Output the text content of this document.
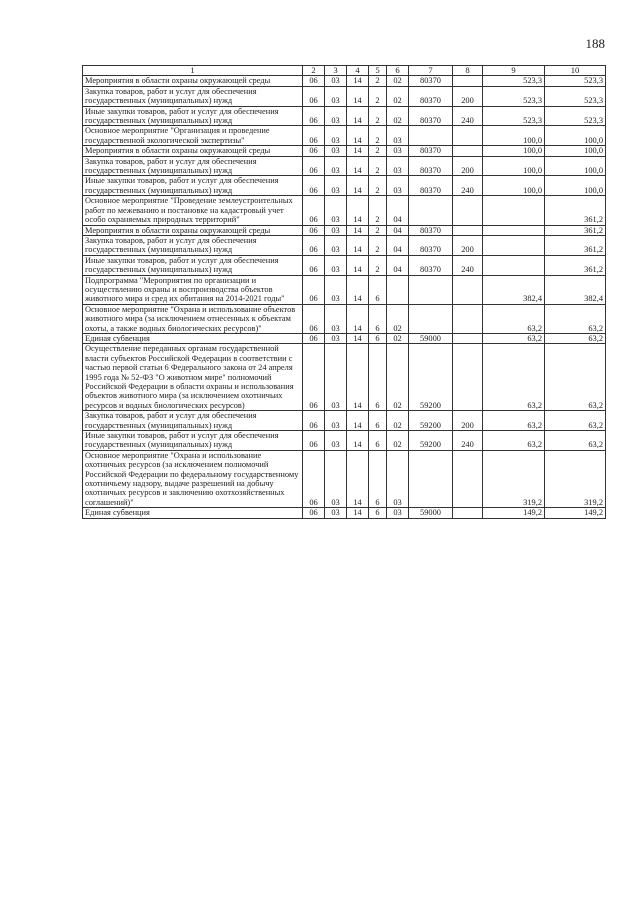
188
1	2	3	4	5	6	7	8	9	10
Мероприятия в области охраны окружающей среды	06	03	14	2	02	80370		523,3	523,3
Закупка товаров, работ и услуг для обеспечения государственных (муниципальных) нужд	06	03	14	2	02	80370	200	523,3	523,3
Иные закупки товаров, работ и услуг для обеспечения государственных (муниципальных) нужд	06	03	14	2	02	80370	240	523,3	523,3
Основное мероприятие "Организация и проведение государственной экологической экспертизы"	06	03	14	2	03			100,0	100,0
Мероприятия в области охраны окружающей среды	06	03	14	2	03	80370		100,0	100,0
Закупка товаров, работ и услуг для обеспечения государственных (муниципальных) нужд	06	03	14	2	03	80370	200	100,0	100,0
Иные закупки товаров, работ и услуг для обеспечения государственных (муниципальных) нужд	06	03	14	2	03	80370	240	100,0	100,0
Основное мероприятие "Проведение землеустроительных работ по межеванию и постановке на кадастровый учет особо охраняемых природных территорий"	06	03	14	2	04				361,2
Мероприятия в области охраны окружающей среды	06	03	14	2	04	80370			361,2
Закупка товаров, работ и услуг для обеспечения государственных (муниципальных) нужд	06	03	14	2	04	80370	200		361,2
Иные закупки товаров, работ и услуг для обеспечения государственных (муниципальных) нужд	06	03	14	2	04	80370	240		361,2
Подпрограмма "Мероприятия по организации и осуществлению охраны и воспроизводства объектов животного мира и сред их обитания на 2014-2021 годы"	06	03	14	6				382,4	382,4
Основное мероприятие "Охрана и использование объектов животного мира (за исключением отнесенных к объектам охоты, а также водных биологических ресурсов)"	06	03	14	6	02			63,2	63,2
Единая субвенция	06	03	14	6	02	59000		63,2	63,2
Осуществление переданных органам государственной власти субъектов Российской Федерации в соответствии с частью первой статьи 6 Федерального закона от 24 апреля 1995 года № 52-ФЗ "О животном мире" полномочий Российской Федерации в области охраны и использования объектов животного мира (за исключением охотничьих ресурсов и водных биологических ресурсов)	06	03	14	6	02	59200		63,2	63,2
Закупка товаров, работ и услуг для обеспечения государственных (муниципальных) нужд	06	03	14	6	02	59200	200	63,2	63,2
Иные закупки товаров, работ и услуг для обеспечения государственных (муниципальных) нужд	06	03	14	6	02	59200	240	63,2	63,2
Основное мероприятие "Охрана и использование охотничьих ресурсов (за исключением полномочий Российской Федерации по федеральному государственному охотничьему надзору, выдаче разрешений на добычу охотничьих ресурсов и заключению охотхозяйственных соглашений)"	06	03	14	6	03			319,2	319,2
Единая субвенция	06	03	14	6	03	59000		149,2	149,2
